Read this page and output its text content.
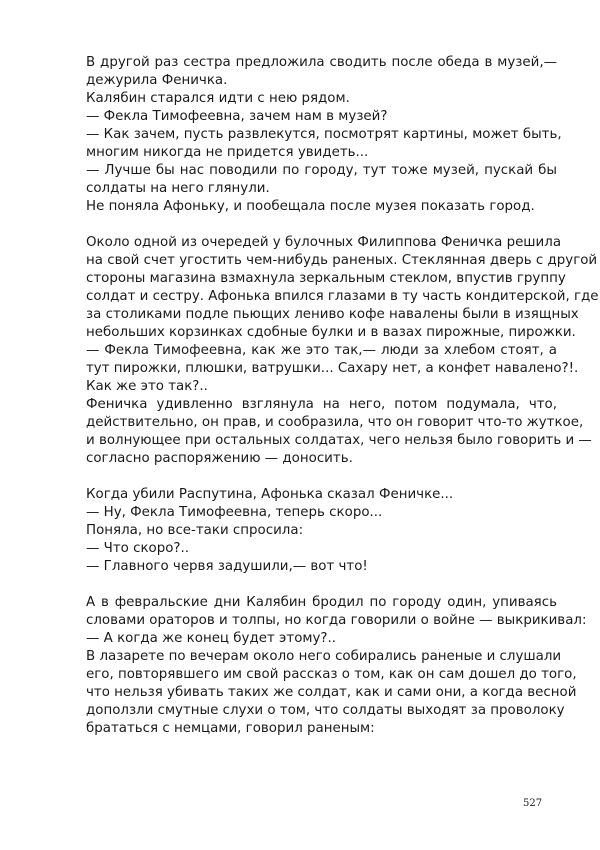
В другой раз сестра предложила сводить после обеда в музей,—
дежурила Феничка.
Калябин старался идти с нею рядом.
— Фекла Тимофеевна, зачем нам в музей?
— Как зачем, пусть развлекутся, посмотрят картины, может быть,
многим никогда не придется увидеть...
— Лучше бы нас поводили по городу, тут тоже музей, пускай бы
солдаты на него глянули.
Не поняла Афоньку, и пообещала после музея показать город.
Около одной из очередей у булочных Филиппова Феничка решила
на свой счет угостить чем-нибудь раненых. Стеклянная дверь с другой
стороны магазина взмахнула зеркальным стеклом, впустив группу
солдат и сестру. Афонька впился глазами в ту часть кондитерской, где
за столиками подле пьющих лениво кофе навалены были в изящных
небольших корзинках сдобные булки и в вазах пирожные, пирожки.
— Фекла Тимофеевна, как же это так,— люди за хлебом стоят, а
тут пирожки, плюшки, ватрушки... Сахару нет, а конфет навалено?!.
Как же это так?..
Феничка удивленно взглянула на него, потом подумала, что,
действительно, он прав, и сообразила, что он говорит что-то жуткое,
и волнующее при остальных солдатах, чего нельзя было говорить и —
согласно распоряжению — доносить.
Когда убили Распутина, Афонька сказал Феничке...
— Ну, Фекла Тимофеевна, теперь скоро...
Поняла, но все-таки спросила:
— Что скоро?..
— Главного червя задушили,— вот что!
А в февральские дни Калябин бродил по городу один, упиваясь
словами ораторов и толпы, но когда говорили о войне — выкрикивал:
— А когда же конец будет этому?..
В лазарете по вечерам около него собирались раненые и слушали
его, повторявшего им свой рассказ о том, как он сам дошел до того,
что нельзя убивать таких же солдат, как и сами они, а когда весной
доползли смутные слухи о том, что солдаты выходят за проволоку
брататься с немцами, говорил раненым:
527
